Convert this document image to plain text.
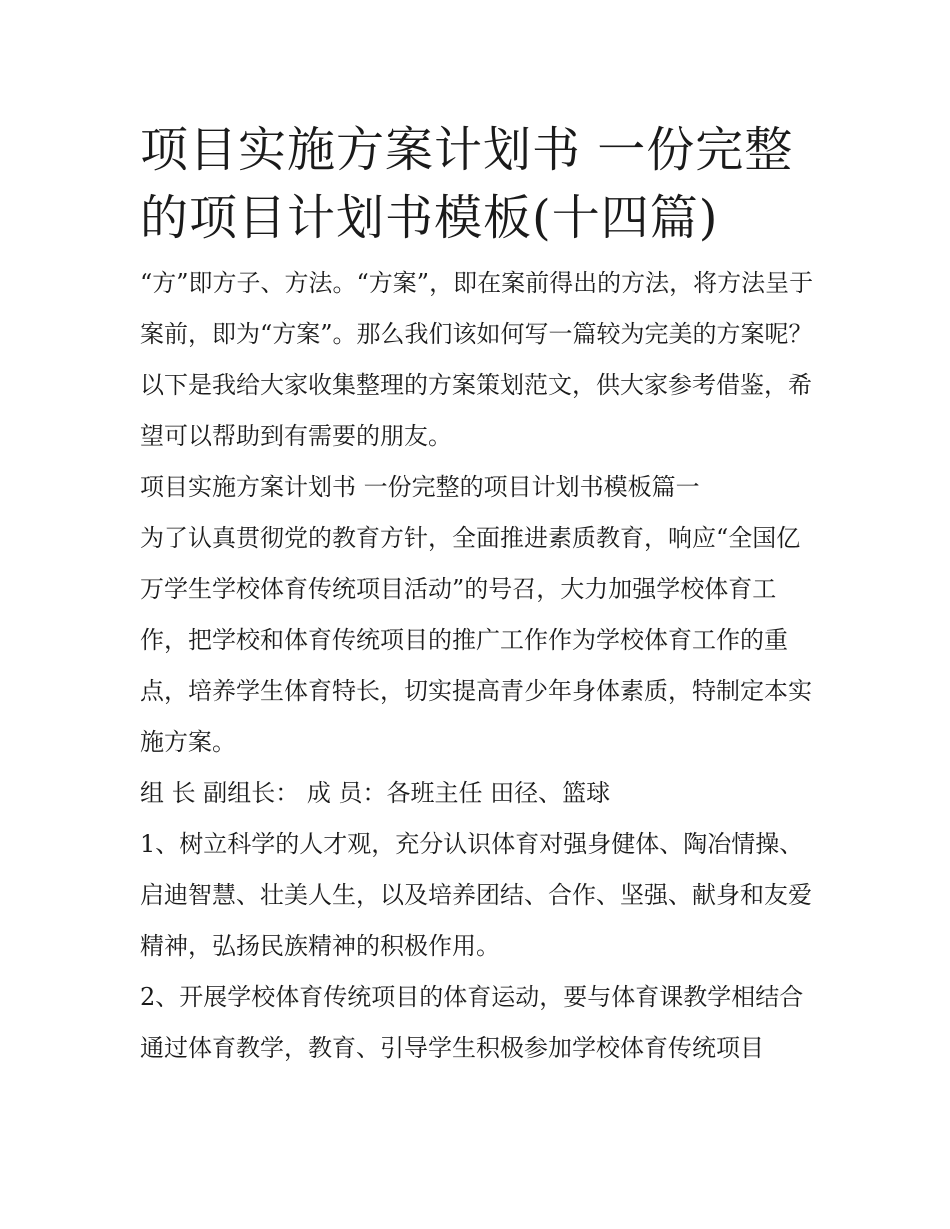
项目实施方案计划书 一份完整的项目计划书模板(十四篇)

“方”即方子、方法。“方案”，即在案前得出的方法，将方法呈于案前，即为“方案”。那么我们该如何写一篇较为完美的方案呢？以下是我给大家收集整理的方案策划范文，供大家参考借鉴，希望可以帮助到有需要的朋友。

项目实施方案计划书 一份完整的项目计划书模板篇一

为了认真贯彻党的教育方针，全面推进素质教育，响应“全国亿万学生学校体育传统项目活动”的号召，大力加强学校体育工作，把学校和体育传统项目的推广工作作为学校体育工作的重点，培养学生体育特长，切实提高青少年身体素质，特制定本实施方案。

组 长 副组长： 成 员：各班主任 田径、篮球

1、树立科学的人才观，充分认识体育对强身健体、陶冶情操、启迪智慧、壮美人生，以及培养团结、合作、坚强、献身和友爱精神，弘扬民族精神的积极作用。

2、开展学校体育传统项目的体育运动，要与体育课教学相结合通过体育教学，教育、引导学生积极参加学校体育传统项目
